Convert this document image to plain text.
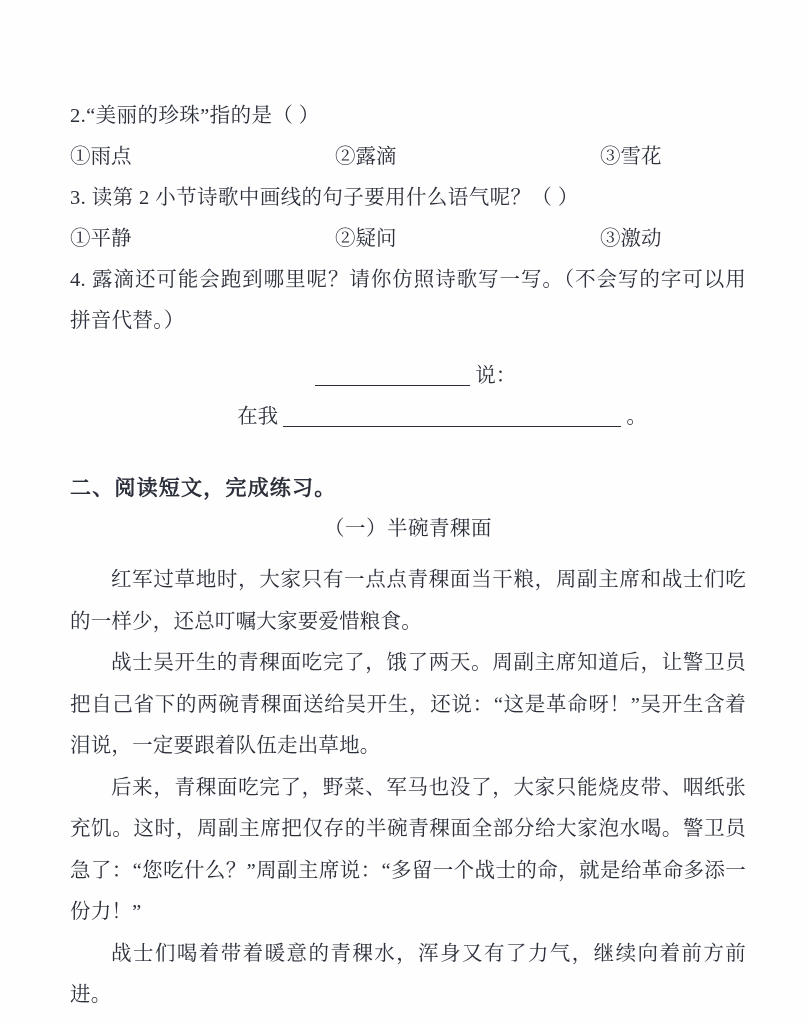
2.“美丽的珍珠”指的是（ ）
①雨点	②露滴	③雪花
3. 读第 2 小节诗歌中画线的句子要用什么语气呢？（ ）
①平静	②疑问	③激动
4. 露滴还可能会跑到哪里呢？请你仿照诗歌写一写。（不会写的字可以用拼音代替。）
说：
在我	。
二、阅读短文，完成练习。
（一）半碗青稞面
红军过草地时，大家只有一点点青稞面当干粮，周副主席和战士们吃的一样少，还总叮嘱大家要爱惜粮食。
战士吴开生的青稞面吃完了，饿了两天。周副主席知道后，让警卫员把自己省下的两碗青稞面送给吴开生，还说：“这是革命呀！”吴开生含着泪说，一定要跟着队伍走出草地。
后来，青稞面吃完了，野菜、军马也没了，大家只能烧皮带、咽纸张充饥。这时，周副主席把仅存的半碗青稞面全部分给大家泡水喝。警卫员急了：“您吃什么？”周副主席说：“多留一个战士的命，就是给革命多添一份力！”
战士们喝着带着暖意的青稞水，浑身又有了力气，继续向着前方前进。
